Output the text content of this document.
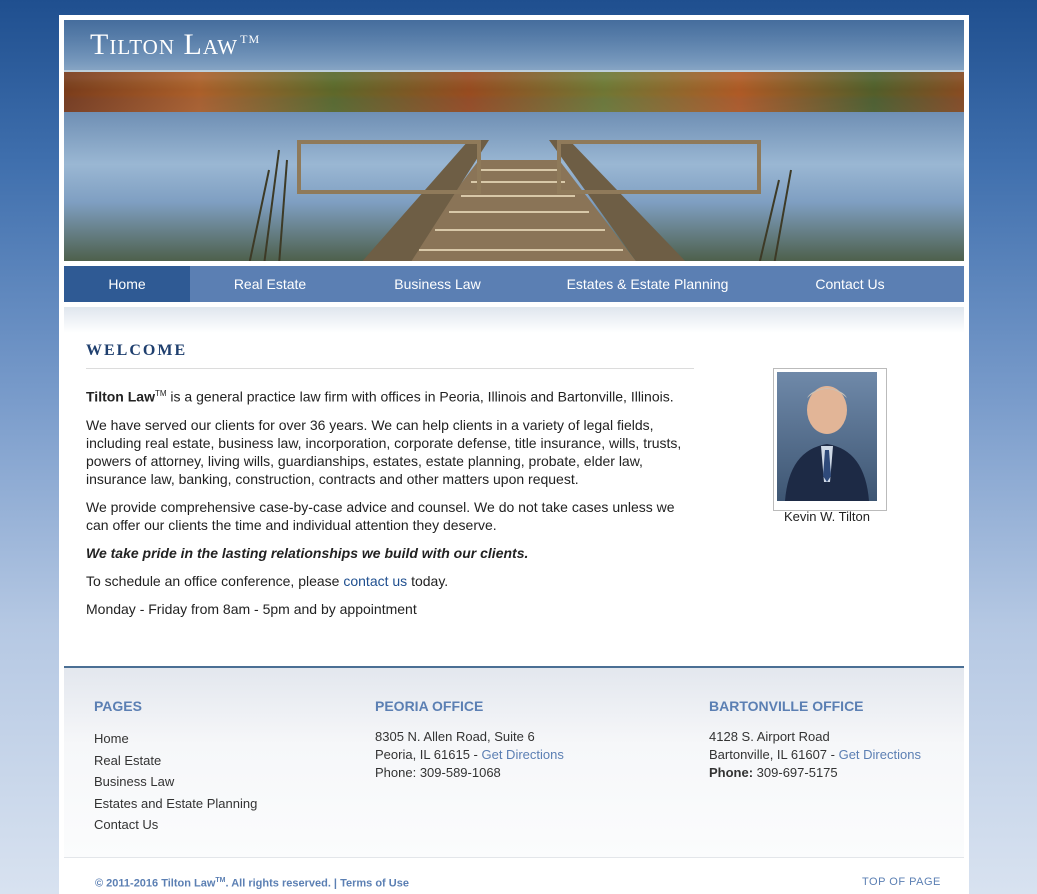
Tilton Law ™
Home	Real Estate	Business Law	Estates & Estate Planning	Contact Us
WELCOME

Tilton Law™ is a general practice law firm with offices in Peoria, Illinois and Bartonville, Illinois.

We have served our clients for over 36 years. We can help clients in a variety of legal fields, including real estate, business law, incorporation, corporate defense, title insurance, wills, trusts, powers of attorney, living wills, guardianships, estates, estate planning, probate, elder law, insurance law, banking, construction, contracts and other matters upon request.

We provide comprehensive case-by-case advice and counsel. We do not take cases unless we can offer our clients the time and individual attention they deserve.

We take pride in the lasting relationships we build with our clients.

To schedule an office conference, please contact us today.

Monday - Friday from 8am - 5pm and by appointment

Kevin W. Tilton
PAGES
Home
Real Estate
Business Law
Estates and Estate Planning
Contact Us
PEORIA OFFICE
8305 N. Allen Road, Suite 6
Peoria, IL 61615 - Get Directions
Phone: 309-589-1068
BARTONVILLE OFFICE
4128 S. Airport Road
Bartonville, IL 61607 - Get Directions
Phone: 309-697-5175
© 2011-2016 Tilton Law™. All rights reserved. | Terms of Use	TOP OF PAGE
